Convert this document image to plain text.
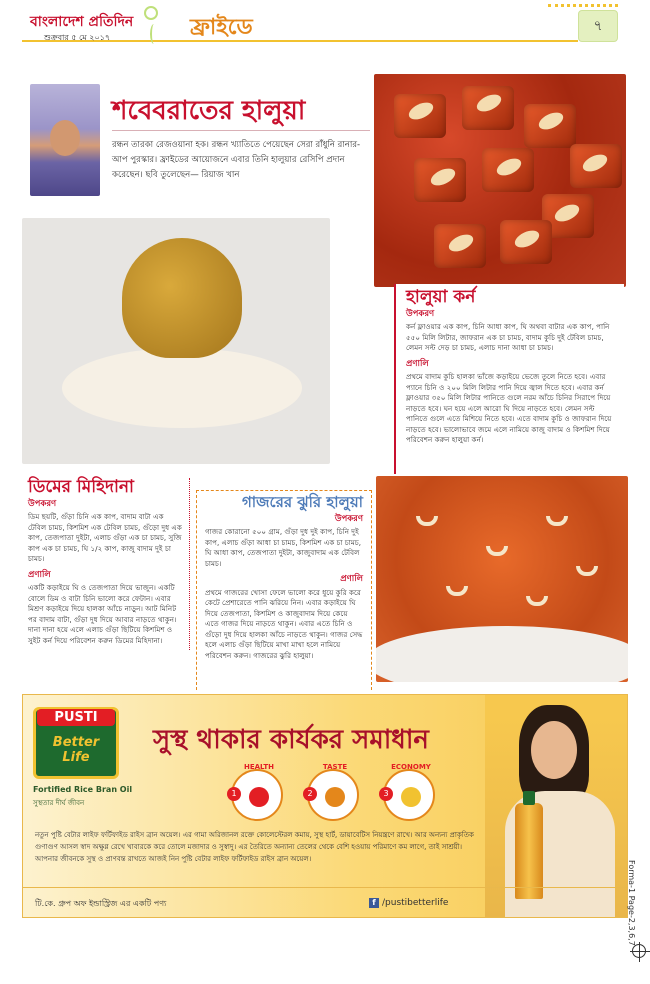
বাংলাদেশ প্রতিদিন
শুক্রবার ৫ মে ২০১৭	ফ্রাইডে	৭
শবেবরাতের হালুয়া
রন্ধন তারকা রেজওয়ানা হক। রন্ধন খ্যাতিতে পেয়েছেন সেরা রাঁধুনি রানার-আপ পুরস্কার। ফ্রাইডের আয়োজনে এবার তিনি হালুয়ার রেসিপি প্রদান করেছেন। ছবি তুলেছেন— রিয়াজ খান
হালুয়া কর্ন
উপকরণ
কর্ন ফ্লাওয়ার এক কাপ, চিনি আধা কাপ, ঘি অথবা বাটার এক কাপ, পানি ৫৫০ মিলি লিটার, জাফরান এক চা চামচ, বাদাম কুচি দুই টেবিল চামচ, লেমন সল্ট দেড় চা চামচ, এলাচ দানা আধা চা চামচ।
প্রণালি
প্রথমে বাদাম কুচি হালকা ভাঁজে কড়াইয়ে ভেজে তুলে নিতে হবে। এবার প্যানে চিনি ও ২০০ মিলি লিটার পানি দিয়ে জ্বাল দিতে হবে। এবার কর্ন ফ্লাওয়ার ৩৫০ মিলি লিটার পানিতে গুলে নরম আঁচে চিনির সিরাপে দিয়ে নাড়তে হবে। ঘন হয়ে এলে আরো ঘি দিয়ে নাড়তে হবে। লেমন সল্ট পানিতে গুলে এতে মিশিয়ে নিতে হবে। এতে বাদাম কুচি ও জাফরান দিয়ে নাড়তে হবে। ভালোভাবে জমে এলে নামিয়ে কাজু বাদাম ও কিশমিশ দিয়ে পরিবেশন করুন হালুয়া কর্ন।
ডিমের মিহিদানা
উপকরণ
ডিম ছয়টি, গুঁড়া চিনি এক কাপ, বাদাম বাটা এক টেবিল চামচ, কিশমিশ এক টেবিল চামচ, গুঁড়ো দুধ এক কাপ, তেজপাতা দুইটা, এলাচ গুঁড়া এক চা চামচ, সুজি কাপ এক চা চামচ, ঘি ১/২ কাপ, কাজু বাদাম দুই চা চামচ।
প্রণালি
একটি কড়াইয়ে ঘি ও তেজপাতা দিয়ে ভাজুন। একটি বোলে ডিম ও বাটা চিনি ভালো করে ফেটান। এবার মিশ্রণ কড়াইয়ে দিয়ে হালকা আঁচে নাড়ুন। আট মিনিট পর বাদাম বাটা, গুঁড়া দুধ দিয়ে আবার নাড়তে থাকুন। দানা দানা হয়ে এলে এলাচ গুঁড়া ছিটিয়ে কিশমিশ ও সুইট কর্ন দিয়ে পরিবেশন করুন ডিমের মিহিদানা।
গাজরের ঝুরি হালুয়া
উপকরণ
গাজর কোরানো ৫০০ গ্রাম, গুঁড়া দুধ দুই কাপ, চিনি দুই কাপ, এলাচ গুঁড়া আধা চা চামচ, কিশমিশ এক চা চামচ, ঘি আধা কাপ, তেজপাতা দুইটা, কাজুবাদাম এক টেবিল চামচ।
প্রণালি
প্রথমে গাজরের খোসা ফেলে ভালো করে ধুয়ে কুরি করে কেটে প্রেশারেতে পানি ঝরিয়ে নিন। এবার কড়াইয়ে ঘি দিয়ে তেজপাতা, কিশমিশ ও কাজুবাদাম দিয়ে কেয়ে এতে গাজর দিয়ে নাড়তে থাকুন। এবার এতে চিনি ও গুঁড়ো দুধ দিয়ে হালকা আঁচে নাড়তে থাকুন। গাজর সেদ্ধ হলে এলাচ গুঁড়া ছিটিয়ে মাখা মাখা হলে নামিয়ে পরিবেশন করুন। গাজরের ঝুরি হালুয়া।
PUSTI
Better Life
Fortified Rice Bran Oil
সুস্থতার দীর্ঘ জীবন
সুস্থ থাকার কার্যকর সমাধান
HEALTH
1
TASTE
2
ECONOMY
3
নতুন পুষ্টি বেটার লাইফ ফর্টিফাইড রাইস ব্রান অয়েল। এর গামা অরিজানল রক্তে কোলেস্টেরল কমায়, সুস্থ হার্ট, ডায়াবেটিস নিয়ন্ত্রণে রাখে। আর অন্যন্য প্রাকৃতিক গুণাগুণ আসল স্বাদ অক্ষুণ্ণ রেখে খাবারকে করে তোলে মজাদার ও সুস্বাদু। এর তৈরিতে অন্যান্য তেলের থেকে বেশি হওয়ায় পরিমাণে কম লাগে, তাই সাশ্রয়ী। আপনার জীবনকে সুস্থ ও প্রাণবন্ত রাখতে আজই নিন পুষ্টি বেটার লাইফ ফর্টিফাইড রাইস ব্রান অয়েল।
টি.কে. গ্রুপ অফ ইন্ডাস্ট্রিজ এর একটি পণ্য	f /pustibetterlife	Forma-1 Page-2,3,6,7
